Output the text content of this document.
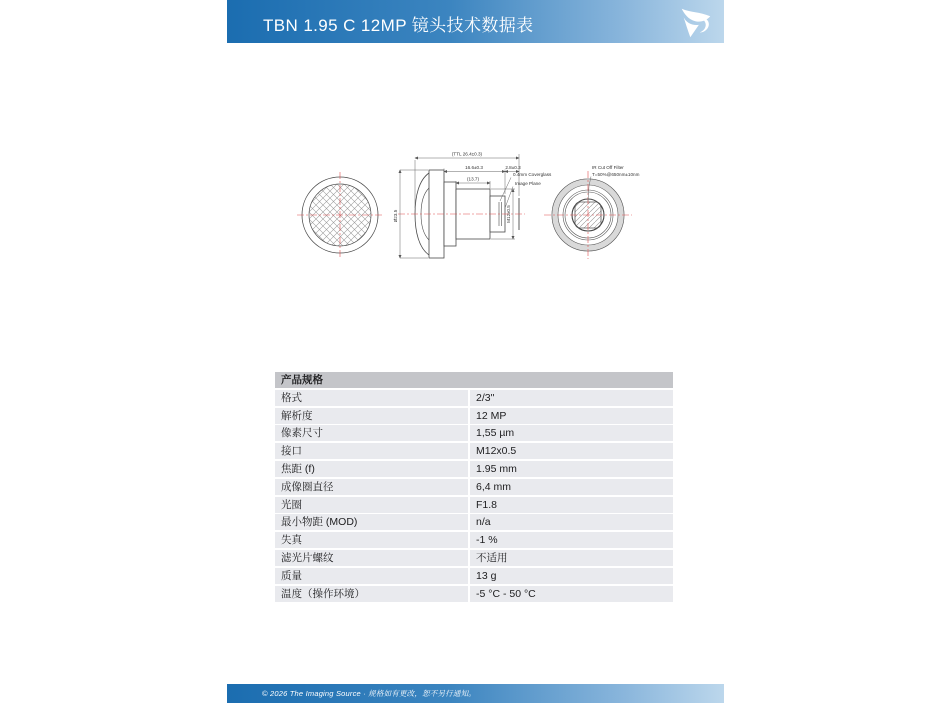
TBN 1.95 C 12MP 镜头技术数据表
(TTL 26.4±0.3)
16.6±0.3	2.8±0.3
(13.7)
Ø23.5	M12x0.5
0.4mm Coverglass
Image Plane
IR Cut Off Filter
T=50%@650nm±10nm
产品规格
格式	2/3"
解析度	12 MP
像素尺寸	1,55 µm
接口	M12x0.5
焦距 (f)	1.95 mm
成像圈直径	6,4 mm
光圈	F1.8
最小物距 (MOD)	n/a
失真	-1 %
滤光片螺纹	不适用
质量	13 g
温度（操作环境）	-5 °C - 50 °C
© 2026 The Imaging Source · 规格如有更改，恕不另行通知。
